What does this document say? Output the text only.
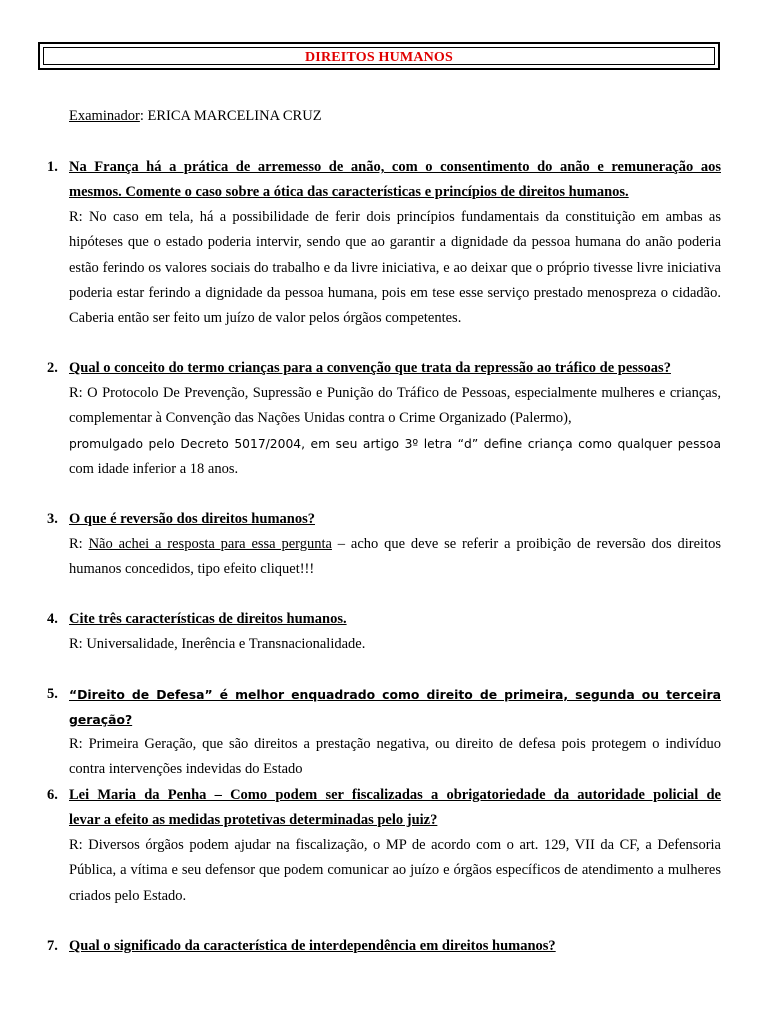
DIREITOS HUMANOS
Examinador: ERICA MARCELINA CRUZ
1. Na França há a prática de arremesso de anão, com o consentimento do anão e remuneração aos
mesmos. Comente o caso sobre a ótica das características e princípios de direitos humanos.
R: No caso em tela, há a possibilidade de ferir dois princípios fundamentais da constituição em ambas as hipóteses que o estado poderia intervir, sendo que ao garantir a dignidade da pessoa humana do anão poderia estão ferindo os valores sociais do trabalho e da livre iniciativa, e ao deixar que o próprio tivesse livre iniciativa poderia estar ferindo a dignidade da pessoa humana, pois em tese esse serviço prestado menospreza o cidadão. Caberia então ser feito um juízo de valor pelos órgãos competentes.
2. Qual o conceito do termo crianças para a convenção que trata da repressão ao tráfico de pessoas?
R: O Protocolo De Prevenção, Supressão e Punição do Tráfico de Pessoas, especialmente mulheres e crianças, complementar à Convenção das Nações Unidas contra o Crime Organizado (Palermo),
promulgado pelo Decreto 5017/2004, em seu artigo 3º letra “d” define criança como qualquer pessoa
com idade inferior a 18 anos.
3. O que é reversão dos direitos humanos?
R: Não achei a resposta para essa pergunta – acho que deve se referir a proibição de reversão dos direitos humanos concedidos, tipo efeito cliquet!!!
4. Cite três características de direitos humanos.
R: Universalidade, Inerência e Transnacionalidade.
5. “Direito de Defesa” é melhor enquadrado como direito de primeira, segunda ou terceira geração?
R: Primeira Geração, que são direitos a prestação negativa, ou direito de defesa pois protegem o indivíduo contra intervenções indevidas do Estado
6. Lei Maria da Penha – Como podem ser fiscalizadas a obrigatoriedade da autoridade policial de
levar a efeito as medidas protetivas determinadas pelo juiz?
R: Diversos órgãos podem ajudar na fiscalização, o MP de acordo com o art. 129, VII da CF, a Defensoria Pública, a vítima e seu defensor que podem comunicar ao juízo e órgãos específicos de atendimento a mulheres criados pelo Estado.
7. Qual o significado da característica de interdependência em direitos humanos?
